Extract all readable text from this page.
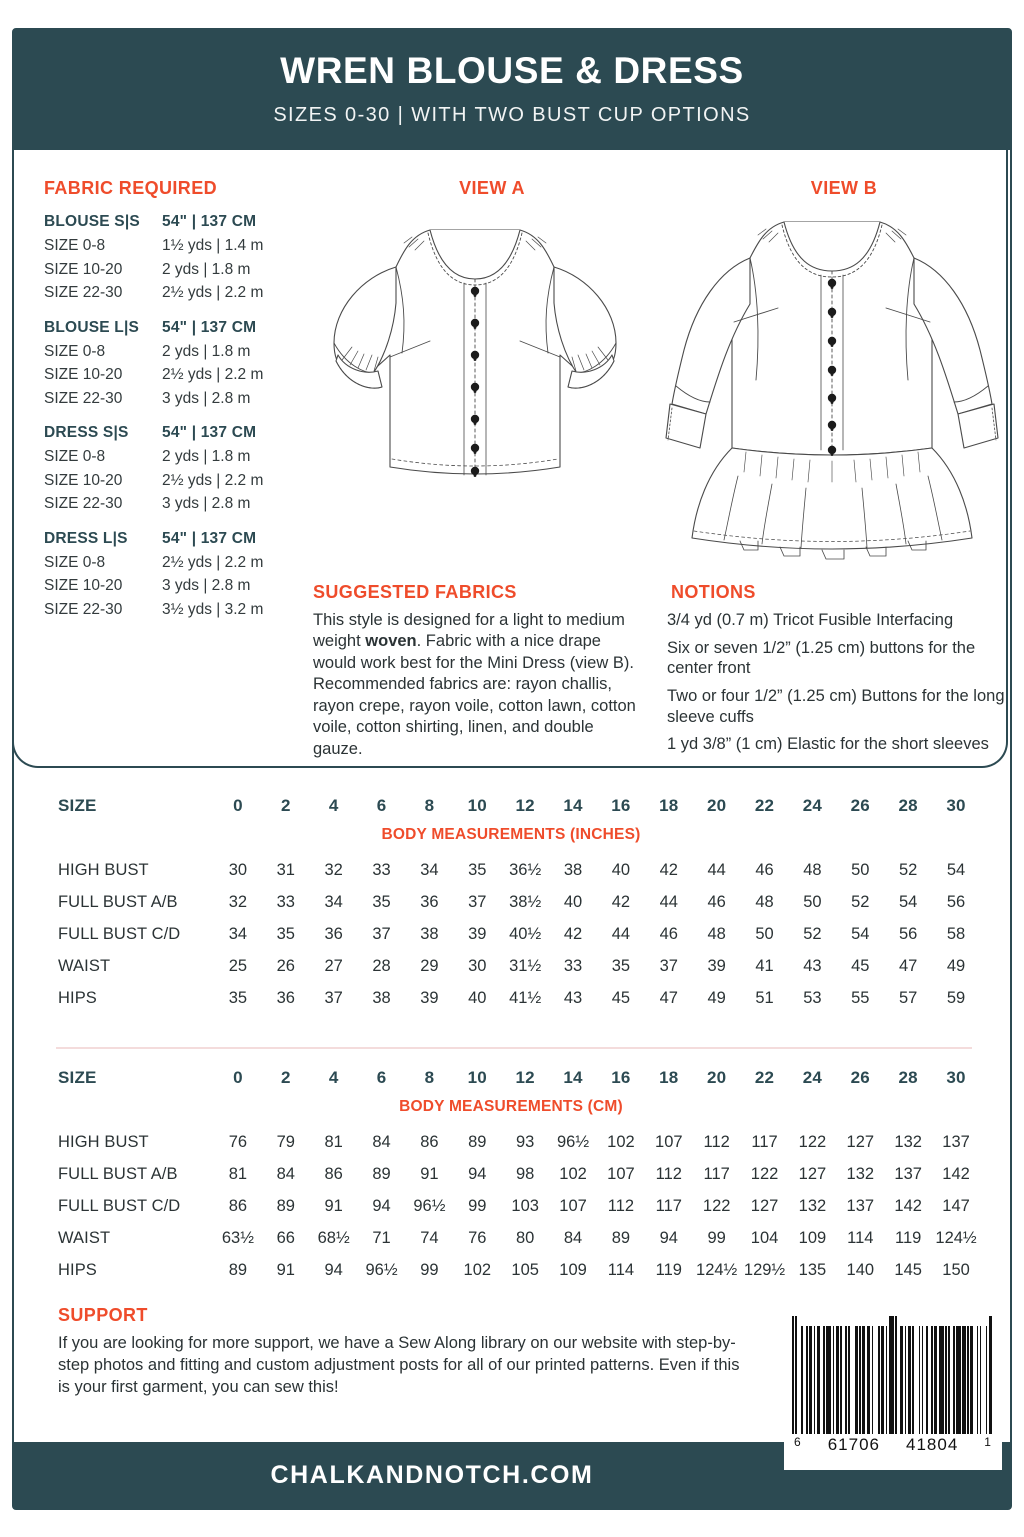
WREN BLOUSE & DRESS
SIZES 0-30 | WITH TWO BUST CUP OPTIONS
FABRIC REQUIRED
BLOUSE S|S	54" | 137 CM
SIZE 0-8	1½ yds | 1.4 m
SIZE 10-20	2 yds | 1.8 m
SIZE 22-30	2½ yds | 2.2 m
BLOUSE L|S	54" | 137 CM
SIZE 0-8	2 yds | 1.8 m
SIZE 10-20	2½ yds | 2.2 m
SIZE 22-30	3 yds | 2.8 m
DRESS S|S	54" | 137 CM
SIZE 0-8	2 yds | 1.8 m
SIZE 10-20	2½ yds | 2.2 m
SIZE 22-30	3 yds | 2.8 m
DRESS L|S	54" | 137 CM
SIZE 0-8	2½ yds | 2.2 m
SIZE 10-20	3 yds | 2.8 m
SIZE 22-30	3½ yds | 3.2 m
VIEW A	VIEW B
SUGGESTED FABRICS

This style is designed for a light to medium weight woven. Fabric with a nice drape would work best for the Mini Dress (view B). Recommended fabrics are: rayon challis, rayon crepe, rayon voile, cotton lawn, cotton voile, cotton shirting, linen, and double gauze.

NOTIONS
3/4 yd (0.7 m) Tricot Fusible Interfacing
Six or seven 1/2” (1.25 cm) buttons for the center front
Two or four 1/2” (1.25 cm) Buttons for the long sleeve cuffs
1 yd 3/8” (1 cm) Elastic for the short sleeves
SIZE	0	2	4	6	8	10	12	14	16	18	20	22	24	26	28	30
BODY MEASUREMENTS (INCHES)																
HIGH BUST	30	31	32	33	34	35	36½	38	40	42	44	46	48	50	52	54
FULL BUST A/B	32	33	34	35	36	37	38½	40	42	44	46	48	50	52	54	56
FULL BUST C/D	34	35	36	37	38	39	40½	42	44	46	48	50	52	54	56	58
WAIST	25	26	27	28	29	30	31½	33	35	37	39	41	43	45	47	49
HIPS	35	36	37	38	39	40	41½	43	45	47	49	51	53	55	57	59
SIZE	0	2	4	6	8	10	12	14	16	18	20	22	24	26	28	30
BODY MEASUREMENTS (CM)																
HIGH BUST	76	79	81	84	86	89	93	96½	102	107	112	117	122	127	132	137
FULL BUST A/B	81	84	86	89	91	94	98	102	107	112	117	122	127	132	137	142
FULL BUST C/D	86	89	91	94	96½	99	103	107	112	117	122	127	132	137	142	147
WAIST	63½	66	68½	71	74	76	80	84	89	94	99	104	109	114	119	124½
HIPS	89	91	94	96½	99	102	105	109	114	119	124½	129½	135	140	145	150
SUPPORT

If you are looking for more support, we have a Sew Along library on our website with step-by-step photos and fitting and custom adjustment posts for all of our printed patterns. Even if this is your first garment, you can sew this!

6 61706 41804 1
CHALKANDNOTCH.COM
